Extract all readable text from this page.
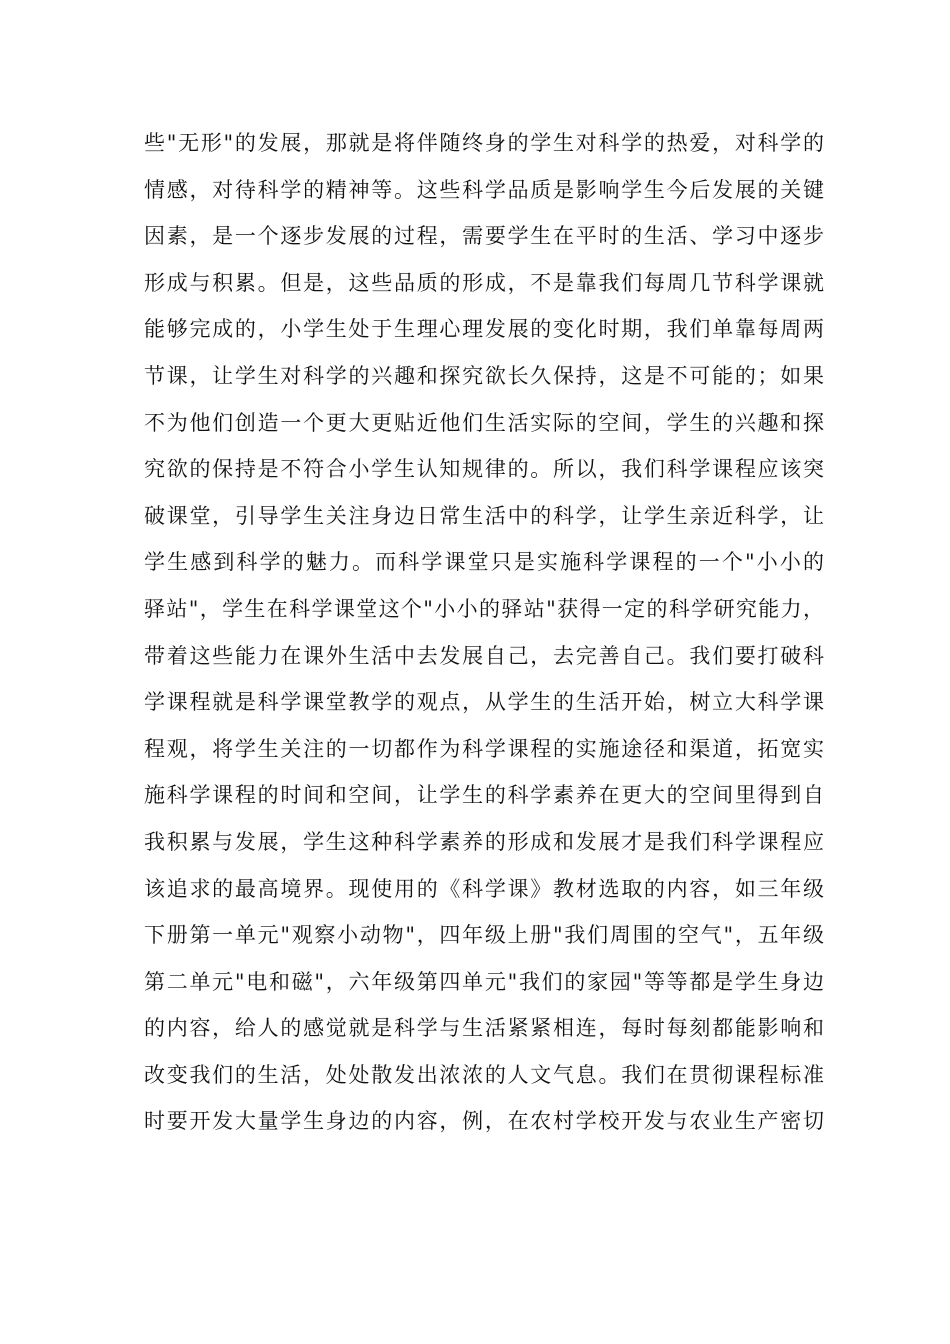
些"无形"的发展，那就是将伴随终身的学生对科学的热爱，对科学的
情感，对待科学的精神等。这些科学品质是影响学生今后发展的关键
因素，是一个逐步发展的过程，需要学生在平时的生活、学习中逐步
形成与积累。但是，这些品质的形成，不是靠我们每周几节科学课就
能够完成的，小学生处于生理心理发展的变化时期，我们单靠每周两
节课，让学生对科学的兴趣和探究欲长久保持，这是不可能的；如果
不为他们创造一个更大更贴近他们生活实际的空间，学生的兴趣和探
究欲的保持是不符合小学生认知规律的。所以，我们科学课程应该突
破课堂，引导学生关注身边日常生活中的科学，让学生亲近科学，让
学生感到科学的魅力。而科学课堂只是实施科学课程的一个"小小的
驿站"，学生在科学课堂这个"小小的驿站"获得一定的科学研究能力，
带着这些能力在课外生活中去发展自己，去完善自己。我们要打破科
学课程就是科学课堂教学的观点，从学生的生活开始，树立大科学课
程观，将学生关注的一切都作为科学课程的实施途径和渠道，拓宽实
施科学课程的时间和空间，让学生的科学素养在更大的空间里得到自
我积累与发展，学生这种科学素养的形成和发展才是我们科学课程应
该追求的最高境界。现使用的《科学课》教材选取的内容，如三年级
下册第一单元"观察小动物"，四年级上册"我们周围的空气"，五年级
第二单元"电和磁"，六年级第四单元"我们的家园"等等都是学生身边
的内容，给人的感觉就是科学与生活紧紧相连，每时每刻都能影响和
改变我们的生活，处处散发出浓浓的人文气息。我们在贯彻课程标准
时要开发大量学生身边的内容，例，在农村学校开发与农业生产密切
